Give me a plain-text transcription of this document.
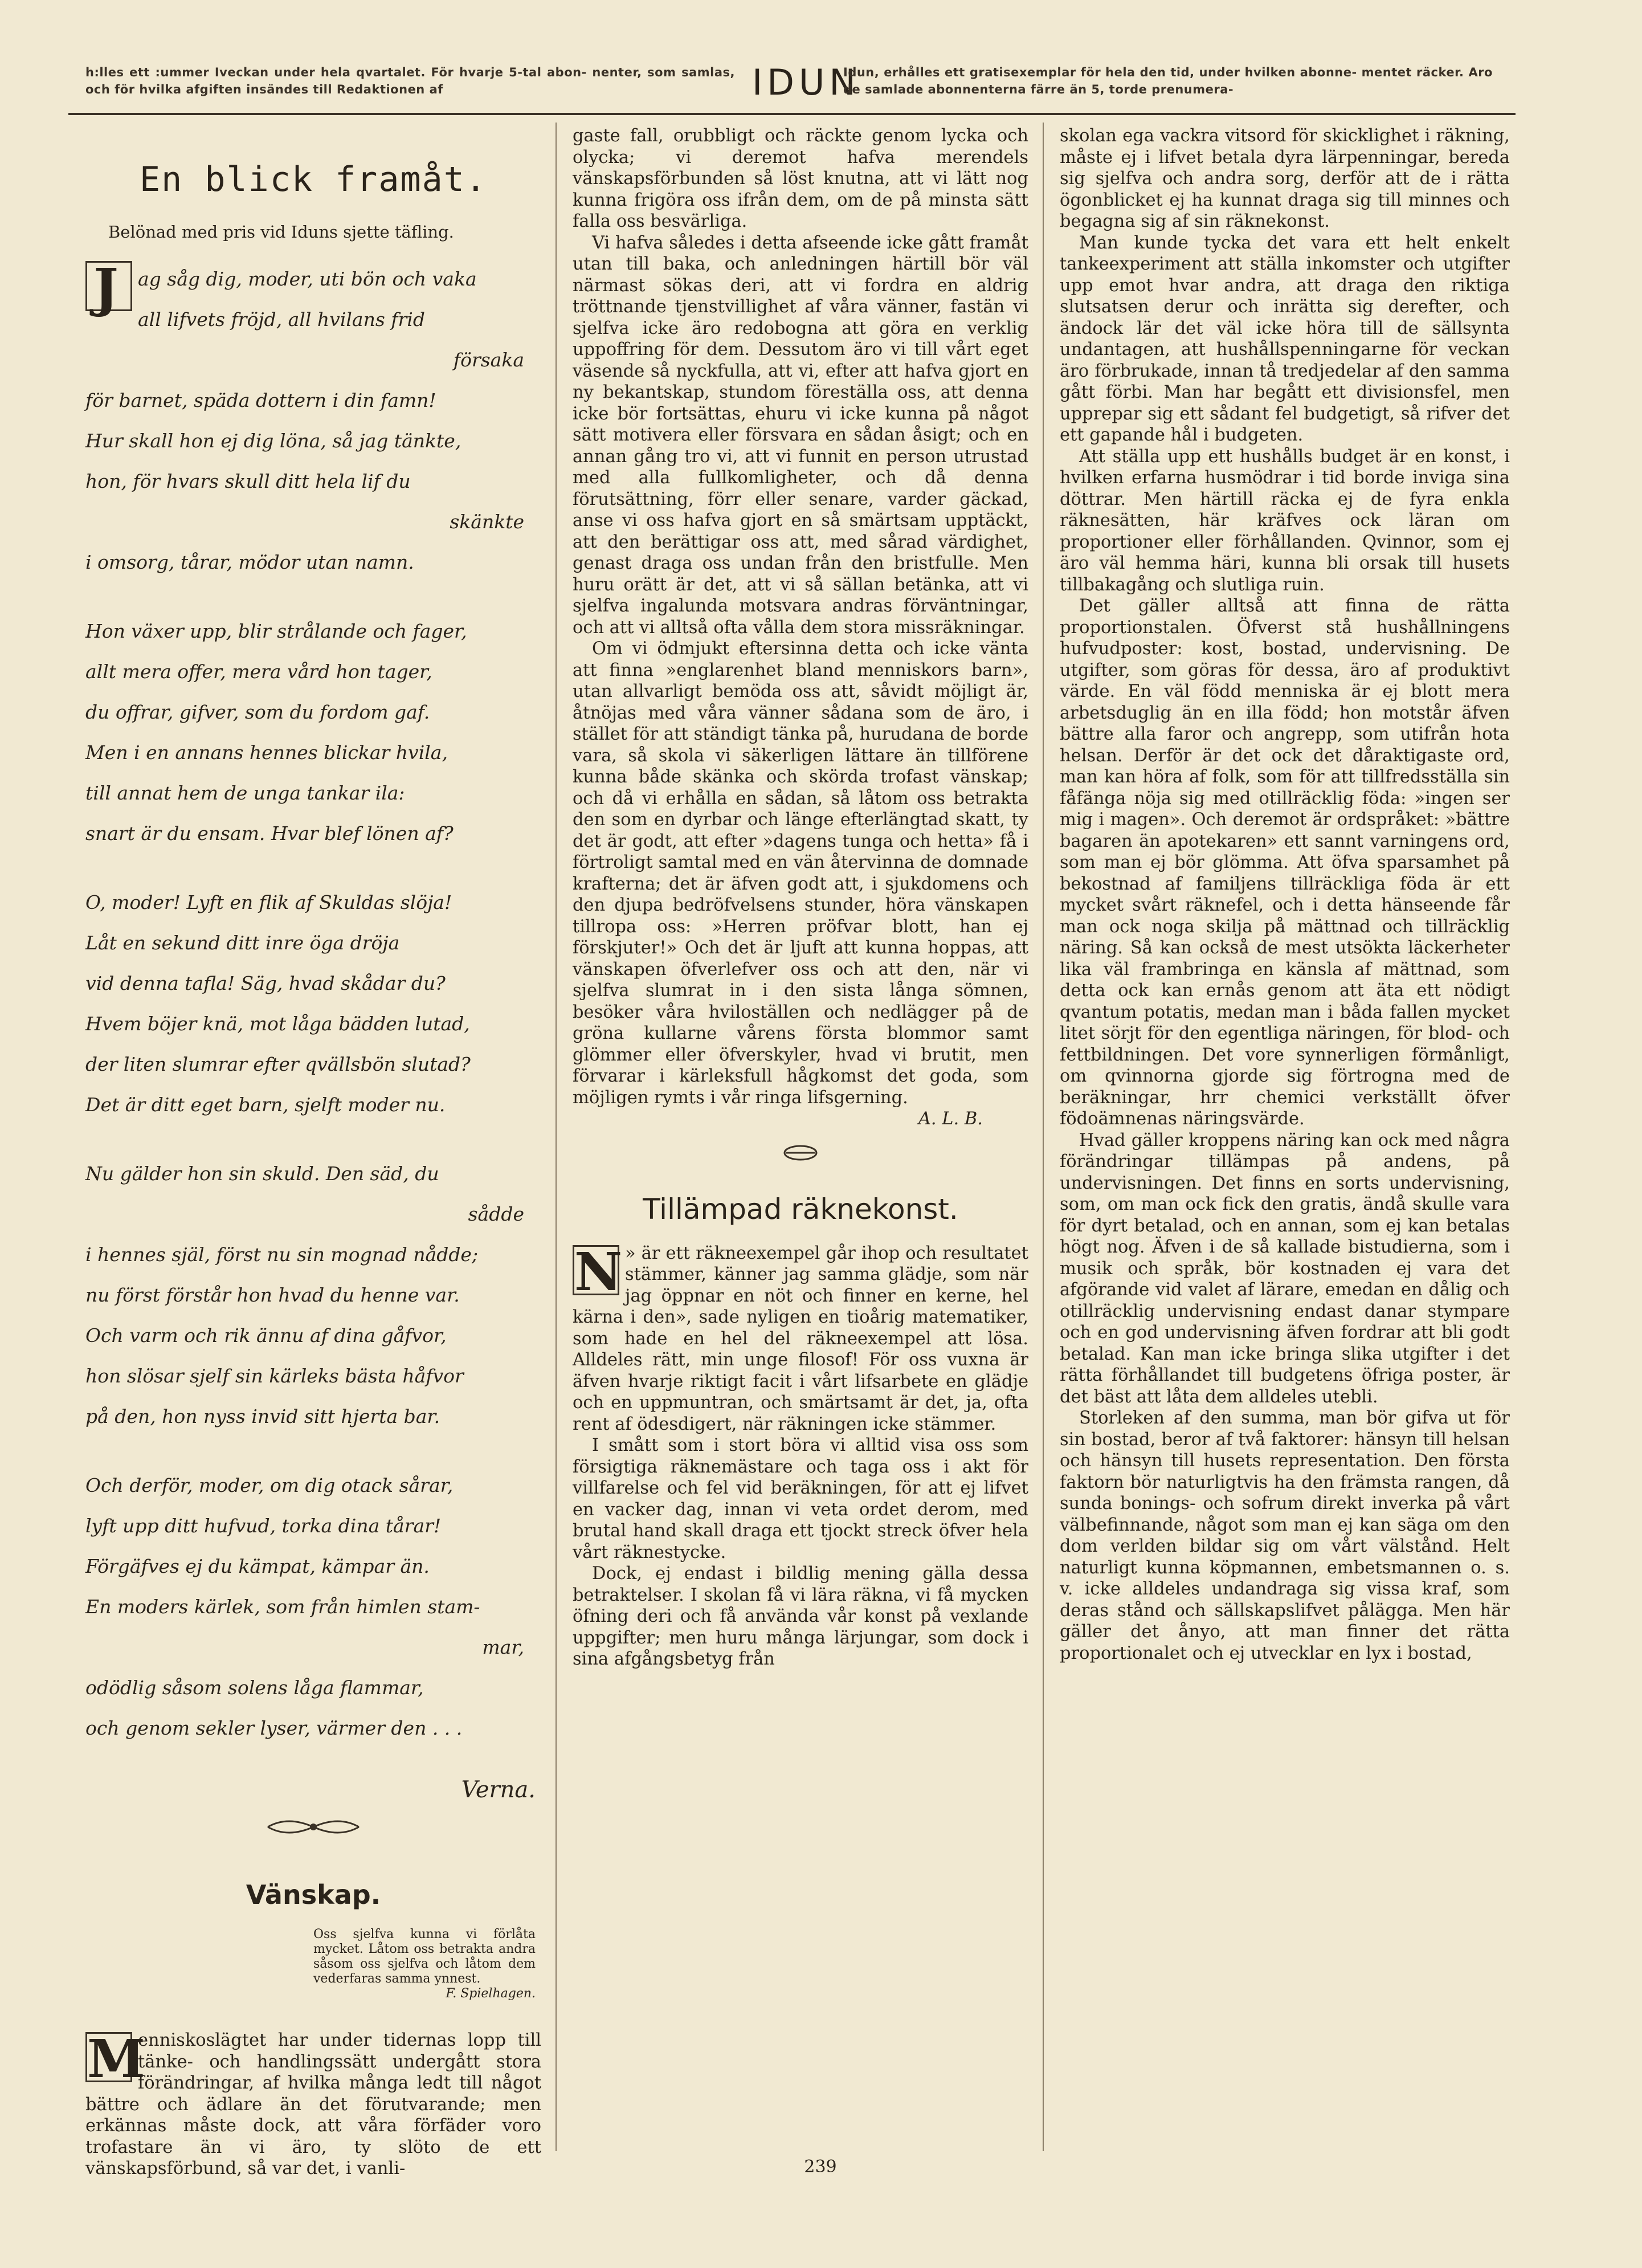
h:lles ett :ummer Iveckan under hela qvartalet. För hvarje 5-tal abon- nenter, som samlas, och för hvilka afgiften insändes till Redaktionen af	IDUN
Idun, erhålles ett gratisexemplar för hela den tid, under hvilken abonne- mentet räcker. Aro de samlade abonnenterna färre än 5, torde prenumera-
En blick framåt.
Belönad med pris vid Iduns sjette täfling.

J	ag såg dig, moder, uti bön och vaka
all lifvets fröjd, all hvilans frid
försaka
för barnet, späda dottern i din famn!
Hur skall hon ej dig löna, så jag tänkte,
hon, för hvars skull ditt hela lif du
skänkte
i omsorg, tårar, mödor utan namn.

Hon växer upp, blir strålande och fager,
allt mera offer, mera vård hon tager,
du offrar, gifver, som du fordom gaf.
Men i en annans hennes blickar hvila,
till annat hem de unga tankar ila:
snart är du ensam. Hvar blef lönen af?

O, moder! Lyft en flik af Skuldas slöja!
Låt en sekund ditt inre öga dröja
vid denna tafla! Säg, hvad skådar du?
Hvem böjer knä, mot låga bädden lutad,
der liten slumrar efter qvällsbön slutad?
Det är ditt eget barn, sjelft moder nu.

Nu gälder hon sin skuld. Den säd, du
sådde
i hennes själ, först nu sin mognad nådde;
nu först förstår hon hvad du henne var.
Och varm och rik ännu af dina gåfvor,
hon slösar sjelf sin kärleks bästa håfvor
på den, hon nyss invid sitt hjerta bar.

Och derför, moder, om dig otack sårar,
lyft upp ditt hufvud, torka dina tårar!
Förgäfves ej du kämpat, kämpar än.
En moders kärlek, som från himlen stam-
mar,
odödlig såsom solens låga flammar,
och genom sekler lyser, värmer den . . .

Verna.
Vänskap.
Oss sjelfva kunna vi förlåta mycket. Låtom oss betrakta andra såsom oss sjelfva och låtom dem vederfaras samma ynnest.
F. Spielhagen.

M
enniskoslägtet har under tidernas lopp till tänke- och handlingssätt undergått stora förändringar, af hvilka många ledt till något bättre och ädlare än det förutvarande; men erkännas måste dock, att våra förfäder voro trofastare än vi äro, ty slöto de ett vänskapsförbund, så var det, i vanli-

gaste fall, orubbligt och räckte genom lycka och olycka; vi deremot hafva merendels vänskapsförbunden så löst knutna, att vi lätt nog kunna frigöra oss ifrån dem, om de på minsta sätt falla oss besvärliga.

Vi hafva således i detta afseende icke gått framåt utan till baka, och anledningen härtill bör väl närmast sökas deri, att vi fordra en aldrig tröttnande tjenstvillighet af våra vänner, fastän vi sjelfva icke äro redobogna att göra en verklig uppoffring för dem. Dessutom äro vi till vårt eget väsende så nyckfulla, att vi, efter att hafva gjort en ny bekantskap, stundom föreställa oss, att denna icke bör fortsättas, ehuru vi icke kunna på något sätt motivera eller försvara en sådan åsigt; och en annan gång tro vi, att vi funnit en person utrustad med alla fullkomligheter, och då denna förutsättning, förr eller senare, varder gäckad, anse vi oss hafva gjort en så smärtsam upptäckt, att den berättigar oss att, med sårad värdighet, genast draga oss undan från den bristfulle. Men huru orätt är det, att vi så sällan betänka, att vi sjelfva ingalunda motsvara andras förväntningar, och att vi alltså ofta vålla dem stora missräkningar.

Om vi ödmjukt eftersinna detta och icke vänta att finna »englarenhet bland menniskors barn», utan allvarligt bemöda oss att, såvidt möjligt är, åtnöjas med våra vänner sådana som de äro, i stället för att ständigt tänka på, hurudana de borde vara, så skola vi säkerligen lättare än tillförene kunna både skänka och skörda trofast vänskap; och då vi erhålla en sådan, så låtom oss betrakta den som en dyrbar och länge efterlängtad skatt, ty det är godt, att efter »dagens tunga och hetta» få i förtroligt samtal med en vän återvinna de domnade krafterna; det är äfven godt att, i sjukdomens och den djupa bedröfvelsens stunder, höra vänskapen tillropa oss: »Herren pröfvar blott, han ej förskjuter!» Och det är ljuft att kunna hoppas, att vänskapen öfverlefver oss och att den, när vi sjelfva slumrat in i den sista långa sömnen, besöker våra hviloställen och nedlägger på de gröna kullarne vårens första blommor samt glömmer eller öfverskyler, hvad vi brutit, men förvarar i kärleksfull hågkomst det goda, som möjligen rymts i vår ringa lifsgerning.

A. L. B.
Tillämpad räknekonst.

»
N är ett räkneexempel går ihop och resultatet stämmer, känner jag samma glädje, som när jag öppnar en nöt och finner en kerne, hel kärna i den», sade nyligen en tioårig matematiker, som hade en hel del räkneexempel att lösa. Alldeles rätt, min unge filosof! För oss vuxna är äfven hvarje riktigt facit i vårt lifsarbete en glädje och en uppmuntran, och smärtsamt är det, ja, ofta rent af ödesdigert, när räkningen icke stämmer.

I smått som i stort böra vi alltid visa oss som försigtiga räknemästare och taga oss i akt för villfarelse och fel vid beräkningen, för att ej lifvet en vacker dag, innan vi veta ordet derom, med brutal hand skall draga ett tjockt streck öfver hela vårt räknestycke.

Dock, ej endast i bildlig mening gälla dessa betraktelser. I skolan få vi lära räkna, vi få mycken öfning deri och få använda vår konst på vexlande uppgifter; men huru många lärjungar, som dock i sina afgångsbetyg från

skolan ega vackra vitsord för skicklighet i räkning, måste ej i lifvet betala dyra lärpenningar, bereda sig sjelfva och andra sorg, derför att de i rätta ögonblicket ej ha kunnat draga sig till minnes och begagna sig af sin räknekonst.

Man kunde tycka det vara ett helt enkelt tankeexperiment att ställa inkomster och utgifter upp emot hvar andra, att draga den riktiga slutsatsen derur och inrätta sig derefter, och ändock lär det väl icke höra till de sällsynta undantagen, att hushållspenningarne för veckan äro förbrukade, innan tå tredjedelar af den samma gått förbi. Man har begått ett divisionsfel, men upprepar sig ett sådant fel budgetigt, så rifver det ett gapande hål i budgeten.

Att ställa upp ett hushålls budget är en konst, i hvilken erfarna husmödrar i tid borde inviga sina döttrar. Men härtill räcka ej de fyra enkla räknesätten, här kräfves ock läran om proportioner eller förhållanden. Qvinnor, som ej äro väl hemma häri, kunna bli orsak till husets tillbakagång och slutliga ruin.

Det gäller alltså att finna de rätta proportionstalen. Öfverst stå hushållningens hufvudposter: kost, bostad, undervisning. De utgifter, som göras för dessa, äro af produktivt värde. En väl född menniska är ej blott mera arbetsduglig än en illa född; hon motstår äfven bättre alla faror och angrepp, som utifrån hota helsan. Derför är det ock det dåraktigaste ord, man kan höra af folk, som för att tillfredsställa sin fåfänga nöja sig med otillräcklig föda: »ingen ser mig i magen». Och deremot är ordspråket: »bättre bagaren än apotekaren» ett sannt varningens ord, som man ej bör glömma. Att öfva sparsamhet på bekostnad af familjens tillräckliga föda är ett mycket svårt räknefel, och i detta hänseende får man ock noga skilja på mättnad och tillräcklig näring. Så kan också de mest utsökta läckerheter lika väl frambringa en känsla af mättnad, som detta ock kan ernås genom att äta ett nödigt qvantum potatis, medan man i båda fallen mycket litet sörjt för den egentliga näringen, för blod- och fettbildningen. Det vore synnerligen förmånligt, om qvinnorna gjorde sig förtrogna med de beräkningar, hrr chemici verkställt öfver födoämnenas näringsvärde.

Hvad gäller kroppens näring kan ock med några förändringar tillämpas på andens, på undervisningen. Det finns en sorts undervisning, som, om man ock fick den gratis, ändå skulle vara för dyrt betalad, och en annan, som ej kan betalas högt nog. Äfven i de så kallade bistudierna, som i musik och språk, bör kostnaden ej vara det afgörande vid valet af lärare, emedan en dålig och otillräcklig undervisning endast danar stympare och en god undervisning äfven fordrar att bli godt betalad. Kan man icke bringa slika utgifter i det rätta förhållandet till budgetens öfriga poster, är det bäst att låta dem alldeles utebli.

Storleken af den summa, man bör gifva ut för sin bostad, beror af två faktorer: hänsyn till helsan och hänsyn till husets representation. Den första faktorn bör naturligtvis ha den främsta rangen, då sunda bonings- och sofrum direkt inverka på vårt välbefinnande, något som man ej kan säga om den dom verlden bildar sig om vårt välstånd. Helt naturligt kunna köpmannen, embetsmannen o. s. v. icke alldeles undandraga sig vissa kraf, som deras stånd och sällskapslifvet pålägga. Men här gäller det ånyo, att man finner det rätta proportionalet och ej utvecklar en lyx i bostad,

239
